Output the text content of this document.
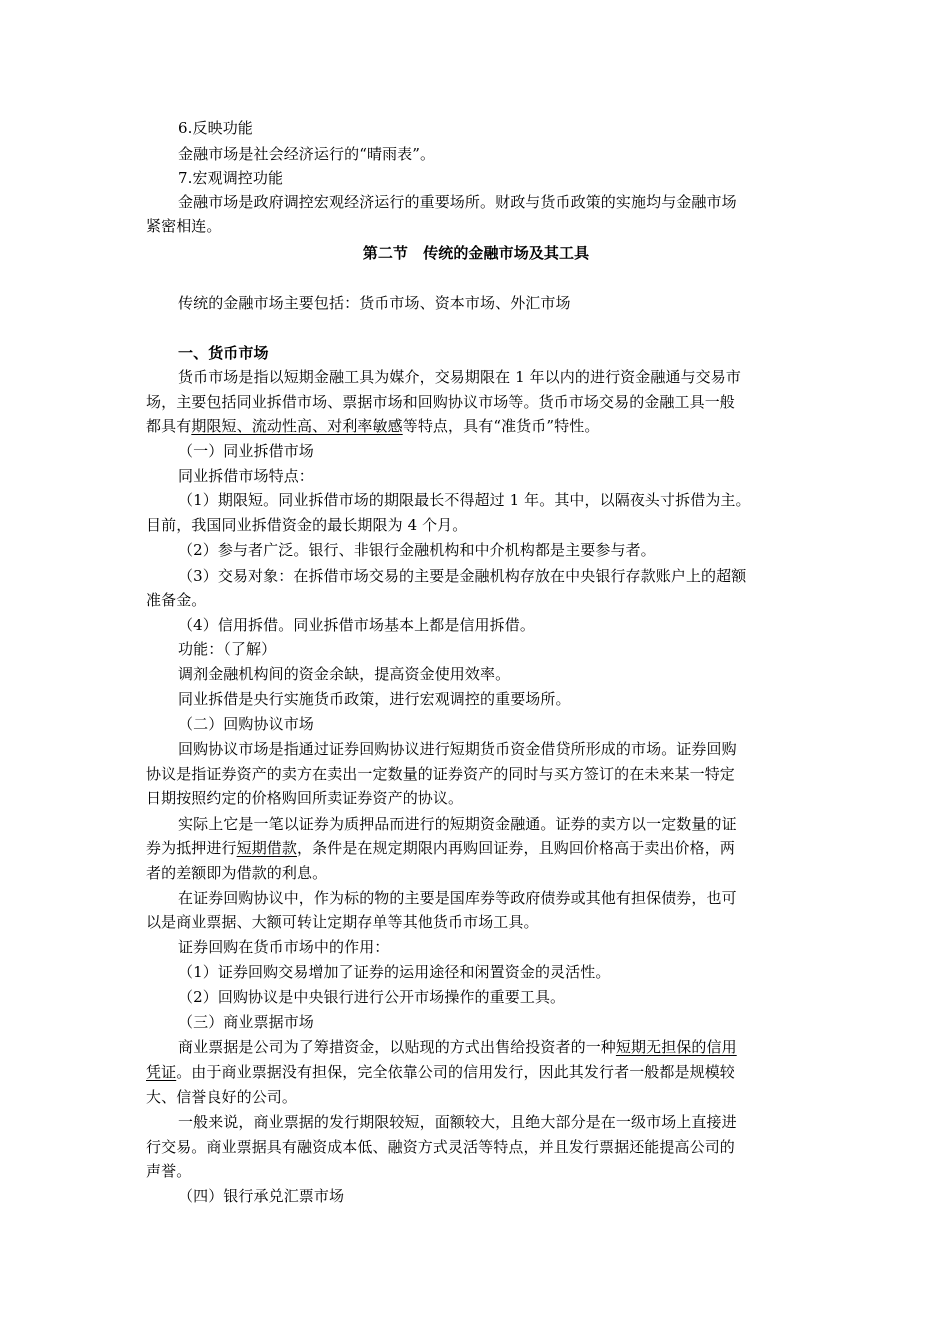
6.反映功能
金融市场是社会经济运行的“晴雨表”。
7.宏观调控功能
金融市场是政府调控宏观经济运行的重要场所。财政与货币政策的实施均与金融市场
紧密相连。
第二节　传统的金融市场及其工具
传统的金融市场主要包括：货币市场、资本市场、外汇市场
一、货币市场
货币市场是指以短期金融工具为媒介，交易期限在 1 年以内的进行资金融通与交易市
场，主要包括同业拆借市场、票据市场和回购协议市场等。货币市场交易的金融工具一般
都具有期限短、流动性高、对利率敏感等特点，具有“准货币”特性。
（一）同业拆借市场
同业拆借市场特点：
（1）期限短。同业拆借市场的期限最长不得超过 1 年。其中，以隔夜头寸拆借为主。
目前，我国同业拆借资金的最长期限为 4 个月。
（2）参与者广泛。银行、非银行金融机构和中介机构都是主要参与者。
（3）交易对象：在拆借市场交易的主要是金融机构存放在中央银行存款账户上的超额
准备金。
（4）信用拆借。同业拆借市场基本上都是信用拆借。
功能：（了解）
调剂金融机构间的资金余缺，提高资金使用效率。
同业拆借是央行实施货币政策，进行宏观调控的重要场所。
（二）回购协议市场
回购协议市场是指通过证券回购协议进行短期货币资金借贷所形成的市场。证券回购
协议是指证券资产的卖方在卖出一定数量的证券资产的同时与买方签订的在未来某一特定
日期按照约定的价格购回所卖证券资产的协议。
实际上它是一笔以证券为质押品而进行的短期资金融通。证券的卖方以一定数量的证
券为抵押进行短期借款，条件是在规定期限内再购回证券，且购回价格高于卖出价格，两
者的差额即为借款的利息。
在证券回购协议中，作为标的物的主要是国库券等政府债券或其他有担保债券，也可
以是商业票据、大额可转让定期存单等其他货币市场工具。
证券回购在货币市场中的作用：
（1）证券回购交易增加了证券的运用途径和闲置资金的灵活性。
（2）回购协议是中央银行进行公开市场操作的重要工具。
（三）商业票据市场
商业票据是公司为了筹措资金，以贴现的方式出售给投资者的一种短期无担保的信用
凭证。由于商业票据没有担保，完全依靠公司的信用发行，因此其发行者一般都是规模较
大、信誉良好的公司。
一般来说，商业票据的发行期限较短，面额较大，且绝大部分是在一级市场上直接进
行交易。商业票据具有融资成本低、融资方式灵活等特点，并且发行票据还能提高公司的
声誉。
（四）银行承兑汇票市场
